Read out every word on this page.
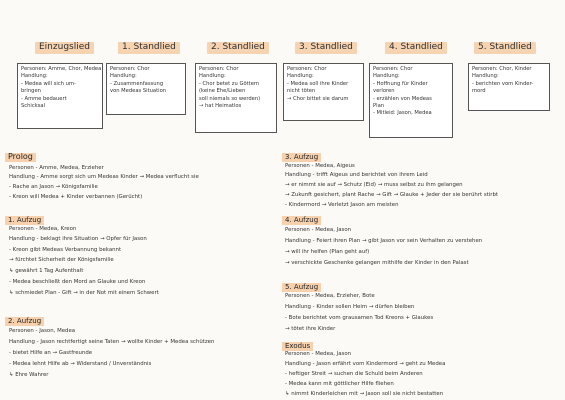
Einzugslied
Personen: Amme, Chor, Medea
Handlung:
- Medea will sich um-
bringen
- Amme bedauert
Schicksal
1. Standlied
Personen: Chor
Handlung:
- Zusammenfassung
von Medeas Situation
2. Standlied
Personen: Chor
Handlung:
- Chor betet zu Göttern
(keine Ehe/Lieben
soll niemals so werden)
→ hat Heimatlos
3. Standlied
Personen: Chor
Handlung:
- Medea soll ihre Kinder
nicht töten
→ Chor bittet sie darum
4. Standlied
Personen: Chor
Handlung:
- Hoffnung für Kinder
verloren
- erzählen von Medeas
Plan
- Mitleid: Jason, Medea
5. Standlied
Personen: Chor, Kinder
Handlung:
- berichten vom Kinder-
mord
Prolog
Personen - Amme, Medea, Erzieher
Handlung - Amme sorgt sich um Medeas Kinder → Medea verflucht sie
- Rache an Jason → Königsfamilie
- Kreon will Medea + Kinder verbannen (Gerücht)
1. Aufzug
Personen - Medea, Kreon
Handlung - beklagt ihre Situation → Opfer für Jason
- Kreon gibt Medeas Verbannung bekannt
→ fürchtet Sicherheit der Königsfamilie
↳ gewährt 1 Tag Aufenthalt
- Medea beschließt den Mord an Glauke und Kreon
↳ schmiedet Plan - Gift → in der Not mit einem Schwert
2. Aufzug
Personen - Jason, Medea
Handlung - Jason rechtfertigt seine Taten → wollte Kinder + Medea schützen
- bietet Hilfe an → Gastfreunde
- Medea lehnt Hilfe ab → Widerstand / Unverständnis
↳ Ehre Wahrer
3. Aufzug
Personen - Medea, Aigeus
Handlung - trifft Aigeus und berichtet von ihrem Leid
→ er nimmt sie auf → Schutz (Eid) → muss selbst zu ihm gelangen
→ Zukunft gesichert, plant Rache → Gift → Glauke + Jeder der sie berührt stirbt
- Kindermord → Verletzt Jason am meisten
4. Aufzug
Personen - Medea, Jason
Handlung - Feiert ihren Plan → gibt Jason vor sein Verhalten zu verstehen
→ will ihr helfen (Plan geht auf)
→ verschickte Geschenke gelangen mithilfe der Kinder in den Palast
5. Aufzug
Personen - Medea, Erzieher, Bote
Handlung - Kinder sollen Heim → dürfen bleiben
- Bote berichtet vom grausamen Tod Kreons + Glaukes
→ tötet ihre Kinder
Exodus
Personen - Medea, Jason
Handlung - Jason erfährt vom Kindermord → geht zu Medea
- heftiger Streit → suchen die Schuld beim Anderen
- Medea kann mit göttlicher Hilfe fliehen
↳ nimmt Kinderleichen mit → Jason soll sie nicht bestatten
